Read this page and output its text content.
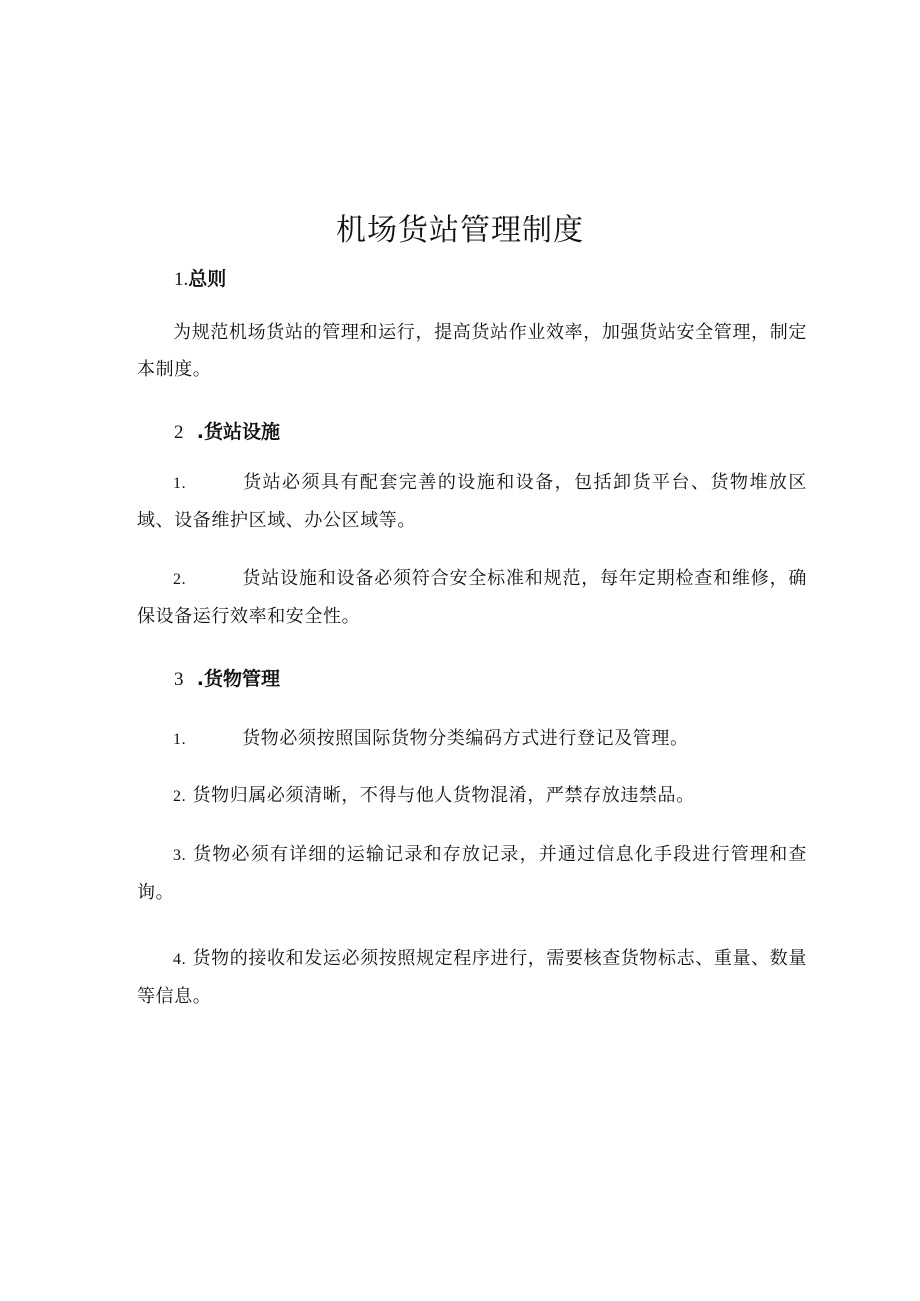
机场货站管理制度
1.总则
为规范机场货站的管理和运行，提高货站作业效率，加强货站安全管理，制定本制度。
2 .货站设施
1.	货站必须具有配套完善的设施和设备，包括卸货平台、货物堆放区域、设备维护区域、办公区域等。
2.	货站设施和设备必须符合安全标准和规范，每年定期检查和维修，确保设备运行效率和安全性。
3 .货物管理
1.	货物必须按照国际货物分类编码方式进行登记及管理。
2. 货物归属必须清晰，不得与他人货物混淆，严禁存放违禁品。
3. 货物必须有详细的运输记录和存放记录，并通过信息化手段进行管理和查询。
4. 货物的接收和发运必须按照规定程序进行，需要核查货物标志、重量、数量等信息。
